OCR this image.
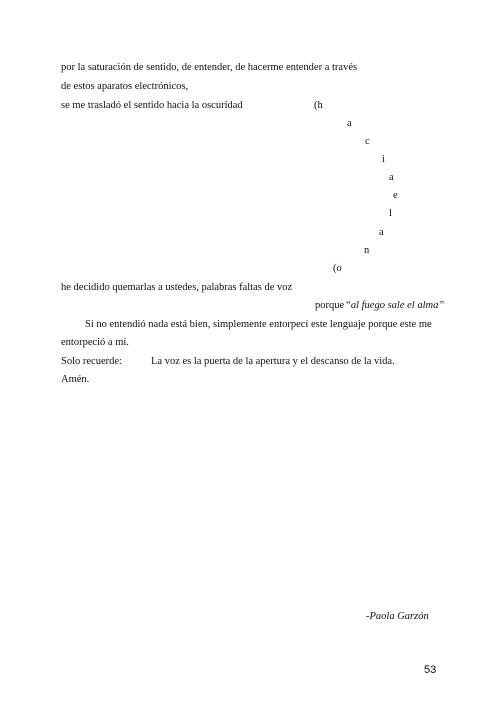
por la saturación de sentido, de entender, de hacerme entender a través
de estos aparatos electrónicos,
se me trasladó el sentido hacia la oscuridad	(h
a
c
i
a
e
l
a
n
(o
he decidido quemarlas a ustedes, palabras faltas de voz
porque “al fuego sale el alma”
Si no entendió nada está bien, simplemente entorpecí este lenguaje porque este me
entorpeció a mí.
Solo recuerde:	La voz es la puerta de la apertura y el descanso de la vida.
Amén.
-Paola Garzón
53
